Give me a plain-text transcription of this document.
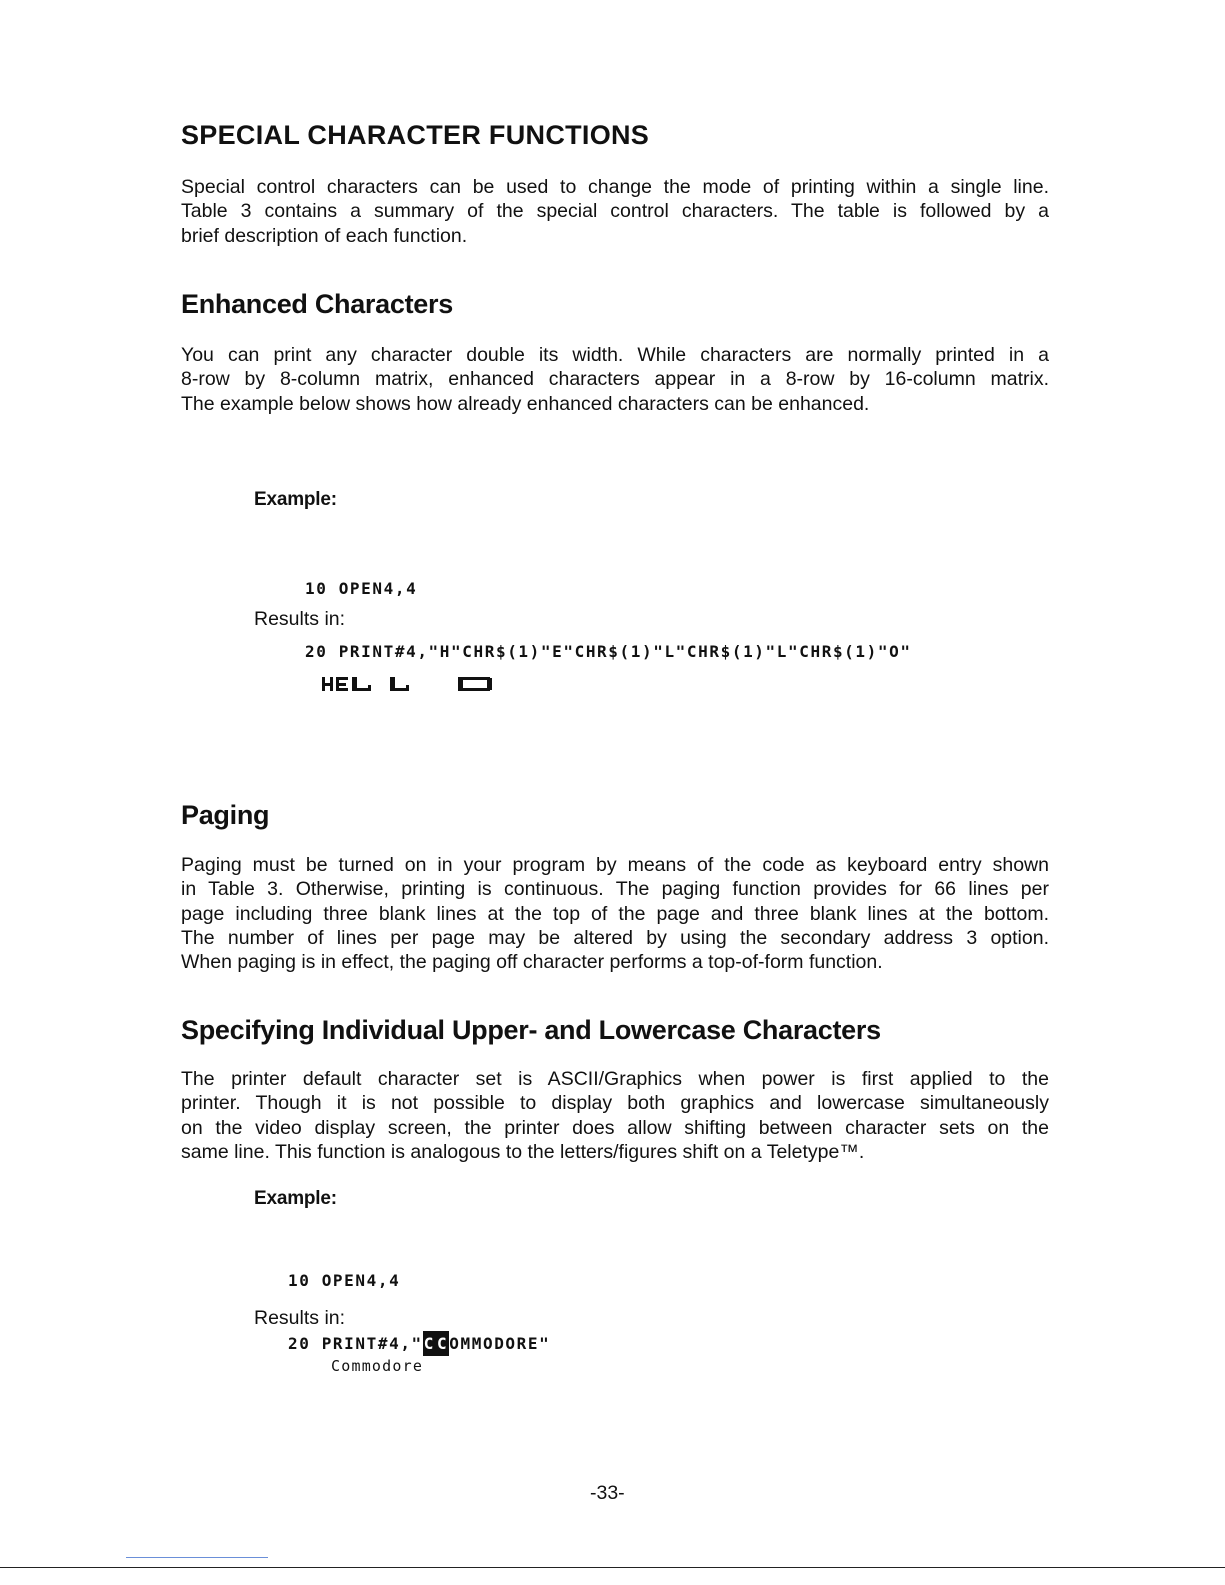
SPECIAL CHARACTER FUNCTIONS

Special control characters can be used to change the mode of printing within a single line.
Table 3 contains a summary of the special control characters. The table is followed by a
brief description of each function.

Enhanced Characters

You can print any character double its width. While characters are normally printed in a
8-row by 8-column matrix, enhanced characters appear in a 8-row by 16-column matrix.
The example below shows how already enhanced characters can be enhanced.

Example:

10 OPEN4,4

20 PRINT#4,"H"CHR$(1)"E"CHR$(1)"L"CHR$(1)"L"CHR$(1)"O"

Results in:

Paging

Paging must be turned on in your program by means of the code as keyboard entry shown
in Table 3. Otherwise, printing is continuous. The paging function provides for 66 lines per
page including three blank lines at the top of the page and three blank lines at the bottom.
The number of lines per page may be altered by using the secondary address 3 option.
When paging is in effect, the paging off character performs a top-of-form function.

Specifying Individual Upper- and Lowercase Characters

The printer default character set is ASCII/Graphics when power is first applied to the
printer. Though it is not possible to display both graphics and lowercase simultaneously
on the video display screen, the printer does allow shifting between character sets on the
same line. This function is analogous to the letters/figures shift on a Teletype™.

Example:

10 OPEN4,4

20 PRINT#4,"C COMMODORE"

Results in:

Commodore

-33-
